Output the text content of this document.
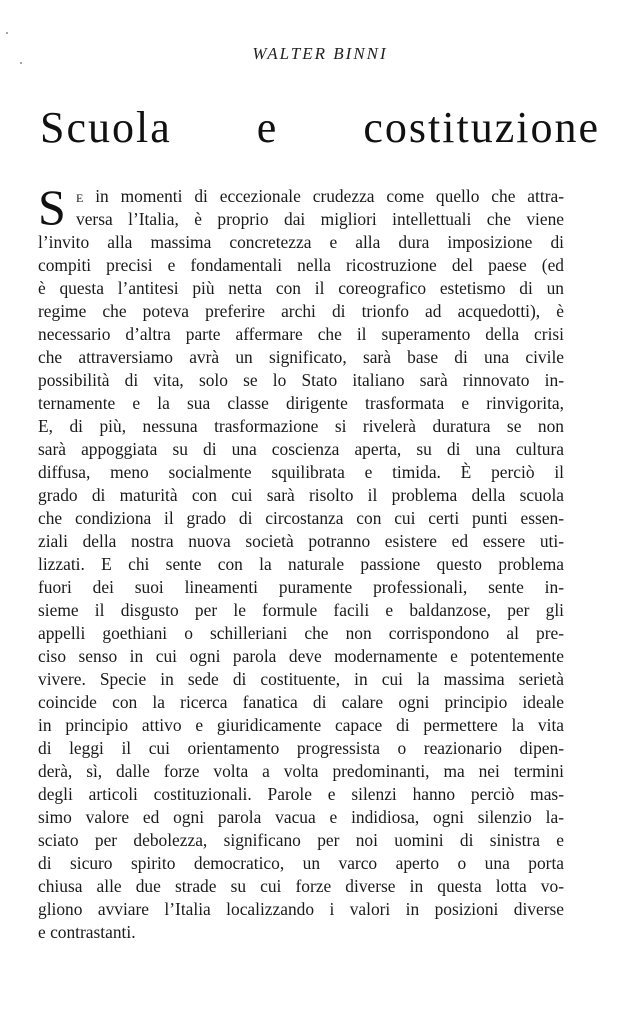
WALTER BINNI
Scuola e costituzione
S e in momenti di eccezionale crudezza come quello che attra-
versa l’Italia, è proprio dai migliori intellettuali che viene
l’invito alla massima concretezza e alla dura imposizione di
compiti precisi e fondamentali nella ricostruzione del paese (ed
è questa l’antitesi più netta con il coreografico estetismo di un
regime che poteva preferire archi di trionfo ad acquedotti), è
necessario d’altra parte affermare che il superamento della crisi
che attraversiamo avrà un significato, sarà base di una civile
possibilità di vita, solo se lo Stato italiano sarà rinnovato in-
ternamente e la sua classe dirigente trasformata e rinvigorita,
E, di più, nessuna trasformazione si rivelerà duratura se non
sarà appoggiata su di una coscienza aperta, su di una cultura
diffusa, meno socialmente squilibrata e timida. È perciò il
grado di maturità con cui sarà risolto il problema della scuola
che condiziona il grado di circostanza con cui certi punti essen-
ziali della nostra nuova società potranno esistere ed essere uti-
lizzati. E chi sente con la naturale passione questo problema
fuori dei suoi lineamenti puramente professionali, sente in-
sieme il disgusto per le formule facili e baldanzose, per gli
appelli goethiani o schilleriani che non corrispondono al pre-
ciso senso in cui ogni parola deve modernamente e potentemente
vivere. Specie in sede di costituente, in cui la massima serietà
coincide con la ricerca fanatica di calare ogni principio ideale
in principio attivo e giuridicamente capace di permettere la vita
di leggi il cui orientamento progressista o reazionario dipen-
derà, sì, dalle forze volta a volta predominanti, ma nei termini
degli articoli costituzionali. Parole e silenzi hanno perciò mas-
simo valore ed ogni parola vacua e indidiosa, ogni silenzio la-
sciato per debolezza, significano per noi uomini di sinistra e
di sicuro spirito democratico, un varco aperto o una porta
chiusa alle due strade su cui forze diverse in questa lotta vo-
gliono avviare l’Italia localizzando i valori in posizioni diverse
e contrastanti.
